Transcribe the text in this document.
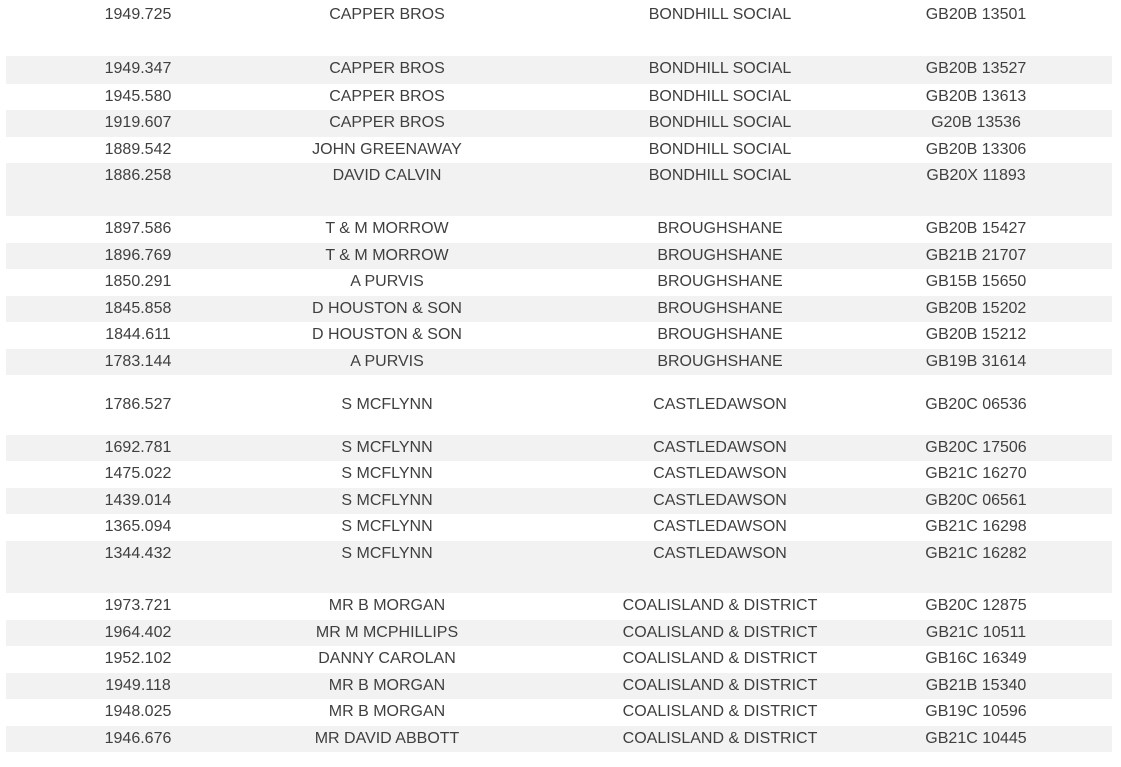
1949.725	CAPPER BROS	BONDHILL SOCIAL	GB20B 13501
1949.347	CAPPER BROS	BONDHILL SOCIAL	GB20B 13527
1945.580	CAPPER BROS	BONDHILL SOCIAL	GB20B 13613
1919.607	CAPPER BROS	BONDHILL SOCIAL	G20B 13536
1889.542	JOHN GREENAWAY	BONDHILL SOCIAL	GB20B 13306
1886.258	DAVID CALVIN	BONDHILL SOCIAL	GB20X 11893
1897.586	T & M MORROW	BROUGHSHANE	GB20B 15427
1896.769	T & M MORROW	BROUGHSHANE	GB21B 21707
1850.291	A PURVIS	BROUGHSHANE	GB15B 15650
1845.858	D HOUSTON & SON	BROUGHSHANE	GB20B 15202
1844.611	D HOUSTON & SON	BROUGHSHANE	GB20B 15212
1783.144	A PURVIS	BROUGHSHANE	GB19B 31614
1786.527	S MCFLYNN	CASTLEDAWSON	GB20C 06536
1692.781	S MCFLYNN	CASTLEDAWSON	GB20C 17506
1475.022	S MCFLYNN	CASTLEDAWSON	GB21C 16270
1439.014	S MCFLYNN	CASTLEDAWSON	GB20C 06561
1365.094	S MCFLYNN	CASTLEDAWSON	GB21C 16298
1344.432	S MCFLYNN	CASTLEDAWSON	GB21C 16282
1973.721	MR B MORGAN	COALISLAND & DISTRICT	GB20C 12875
1964.402	MR M MCPHILLIPS	COALISLAND & DISTRICT	GB21C 10511
1952.102	DANNY CAROLAN	COALISLAND & DISTRICT	GB16C 16349
1949.118	MR B MORGAN	COALISLAND & DISTRICT	GB21B 15340
1948.025	MR B MORGAN	COALISLAND & DISTRICT	GB19C 10596
1946.676	MR DAVID ABBOTT	COALISLAND & DISTRICT	GB21C 10445
